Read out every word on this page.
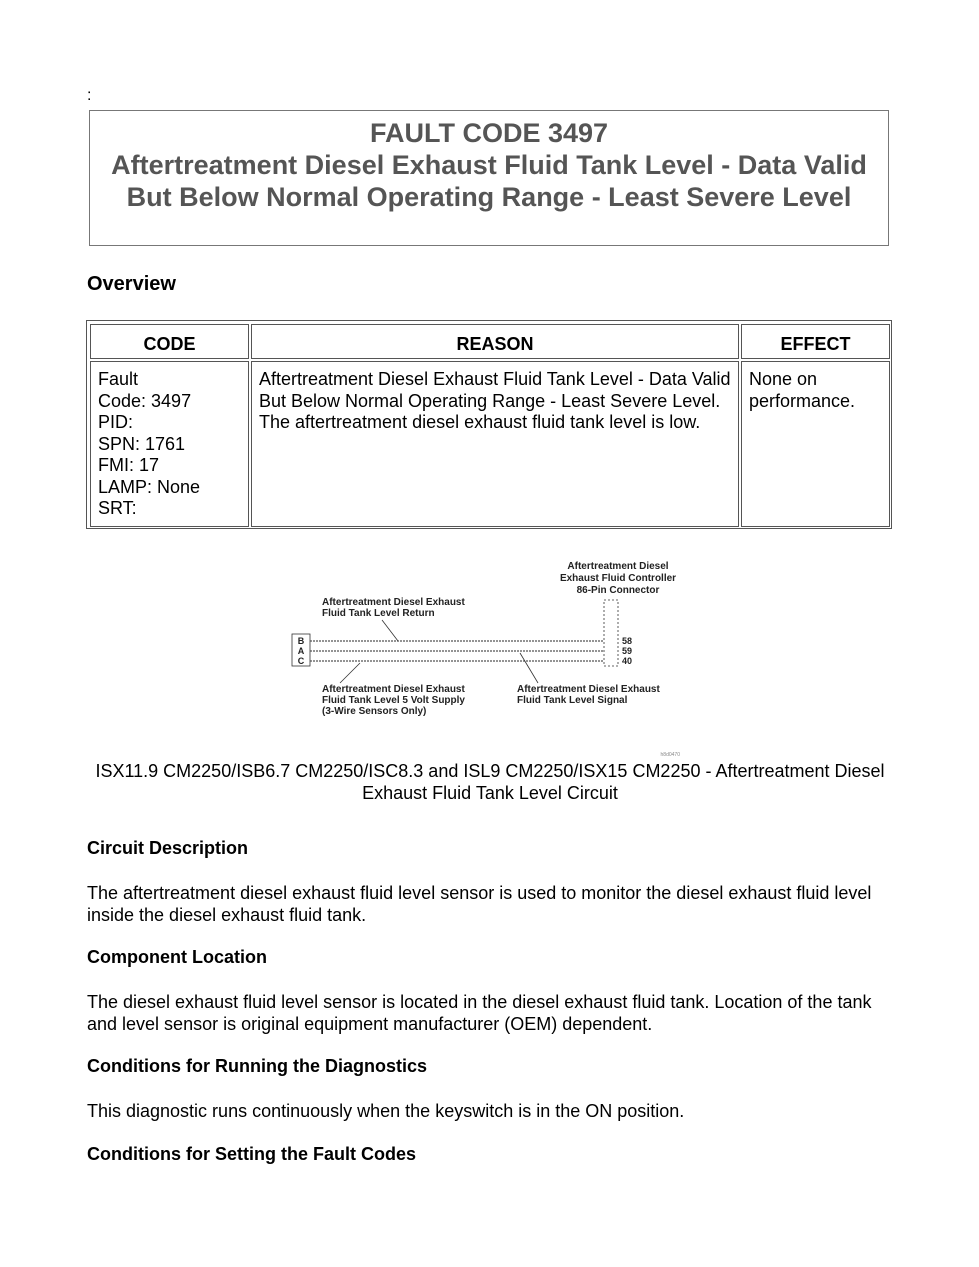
:
FAULT CODE 3497
Aftertreatment Diesel Exhaust Fluid Tank Level - Data Valid But Below Normal Operating Range - Least Severe Level
Overview
CODE	REASON	EFFECT
Fault
Code: 3497
PID:
SPN: 1761
FMI: 17
LAMP: None
SRT:
Aftertreatment Diesel Exhaust Fluid Tank Level - Data Valid But Below Normal Operating Range - Least Severe Level. The aftertreatment diesel exhaust fluid tank level is low.
None on performance.
Aftertreatment Diesel
Exhaust Fluid Controller
86-Pin Connector
Aftertreatment Diesel Exhaust
Fluid Tank Level Return
B
A
C
58
59
40
Aftertreatment Diesel Exhaust
Fluid Tank Level 5 Volt Supply
(3-Wire Sensors Only)
Aftertreatment Diesel Exhaust
Fluid Tank Level Signal
h8d0470
ISX11.9 CM2250/ISB6.7 CM2250/ISC8.3 and ISL9 CM2250/ISX15 CM2250 - Aftertreatment Diesel Exhaust Fluid Tank Level Circuit
Circuit Description
The aftertreatment diesel exhaust fluid level sensor is used to monitor the diesel exhaust fluid level inside the diesel exhaust fluid tank.
Component Location
The diesel exhaust fluid level sensor is located in the diesel exhaust fluid tank. Location of the tank and level sensor is original equipment manufacturer (OEM) dependent.
Conditions for Running the Diagnostics
This diagnostic runs continuously when the keyswitch is in the ON position.
Conditions for Setting the Fault Codes
